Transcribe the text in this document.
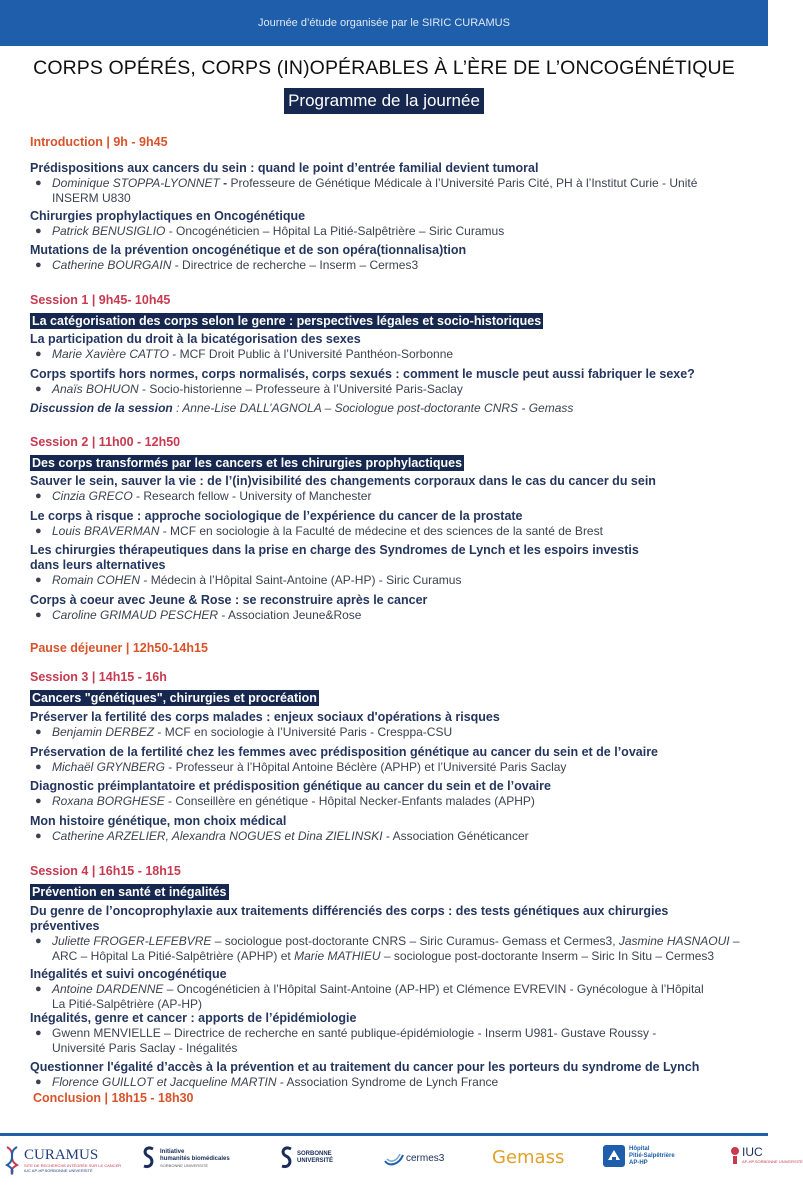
Journée d’étude organisée par le SIRIC CURAMUS
CORPS OPÉRÉS, CORPS (IN)OPÉRABLES À L’ÈRE DE L’ONCOGÉNÉTIQUE
Programme de la journée
Introduction | 9h - 9h45
Prédispositions aux cancers du sein : quand le point d’entrée familial devient tumoral
● Dominique STOPPA-LYONNET - Professeure de Génétique Médicale à l’Université Paris Cité, PH à l’Institut Curie - Unité
INSERM U830
Chirurgies prophylactiques en Oncogénétique
● Patrick BENUSIGLIO - Oncogénéticien – Hôpital La Pitié-Salpêtrière – Siric Curamus
Mutations de la prévention oncogénétique et de son opéra(tionnalisa)tion
● Catherine BOURGAIN - Directrice de recherche – Inserm – Cermes3
Session 1 | 9h45- 10h45
La catégorisation des corps selon le genre : perspectives légales et socio-historiques
La participation du droit à la bicatégorisation des sexes
● Marie Xavière CATTO - MCF Droit Public à l’Université Panthéon-Sorbonne
Corps sportifs hors normes, corps normalisés, corps sexués : comment le muscle peut aussi fabriquer le sexe?
● Anaïs BOHUON - Socio-historienne – Professeure à l’Université Paris-Saclay
Discussion de la session : Anne-Lise DALL’AGNOLA – Sociologue post-doctorante CNRS - Gemass
Session 2 | 11h00 - 12h50
Des corps transformés par les cancers et les chirurgies prophylactiques
Sauver le sein, sauver la vie : de l’(in)visibilité des changements corporaux dans le cas du cancer du sein
● Cinzia GRECO - Research fellow - University of Manchester
Le corps à risque : approche sociologique de l’expérience du cancer de la prostate
● Louis BRAVERMAN - MCF en sociologie à la Faculté de médecine et des sciences de la santé de Brest
Les chirurgies thérapeutiques dans la prise en charge des Syndromes de Lynch et les espoirs investis
dans leurs alternatives
● Romain COHEN - Médecin à l’Hôpital Saint-Antoine (AP-HP) - Siric Curamus
Corps à coeur avec Jeune & Rose : se reconstruire après le cancer
● Caroline GRIMAUD PESCHER - Association Jeune&Rose
Pause déjeuner | 12h50-14h15
Session 3 | 14h15 - 16h
Cancers "génétiques", chirurgies et procréation
Préserver la fertilité des corps malades : enjeux sociaux d'opérations à risques
● Benjamin DERBEZ - MCF en sociologie à l’Université Paris - Cresppa-CSU
Préservation de la fertilité chez les femmes avec prédisposition génétique au cancer du sein et de l’ovaire
● Michaël GRYNBERG - Professeur à l’Hôpital Antoine Béclère (APHP) et l’Université Paris Saclay
Diagnostic préimplantatoire et prédisposition génétique au cancer du sein et de l’ovaire
● Roxana BORGHESE - Conseillère en génétique - Hôpital Necker-Enfants malades (APHP)
Mon histoire génétique, mon choix médical
● Catherine ARZELIER, Alexandra NOGUES et Dina ZIELINSKI - Association Généticancer
Session 4 | 16h15 - 18h15
Prévention en santé et inégalités
Du genre de l’oncoprophylaxie aux traitements différenciés des corps : des tests génétiques aux chirurgies
préventives
● Juliette FROGER-LEFEBVRE – sociologue post-doctorante CNRS – Siric Curamus- Gemass et Cermes3, Jasmine HASNAOUI –
ARC – Hôpital La Pitié-Salpêtrière (APHP) et Marie MATHIEU – sociologue post-doctorante Inserm – Siric In Situ – Cermes3
Inégalités et suivi oncogénétique
● Antoine DARDENNE – Oncogénéticien à l’Hôpital Saint-Antoine (AP-HP) et Clémence EVREVIN - Gynécologue à l’Hôpital
La Pitié-Salpêtrière (AP-HP)
Inégalités, genre et cancer : apports de l’épidémiologie
● Gwenn MENVIELLE – Directrice de recherche en santé publique-épidémiologie - Inserm U981- Gustave Roussy -
Université Paris Saclay - Inégalités
Questionner l'égalité d’accès à la prévention et au traitement du cancer pour les porteurs du syndrome de Lynch
● Florence GUILLOT et Jacqueline MARTIN - Association Syndrome de Lynch France
Conclusion | 18h15 - 18h30
CURAMUS
SITE DE RECHERCHE INTÉGRÉE SUR LE CANCER
IUC AP-HP.SORBONNE UNIVERSITÉ
Initiative
humanités biomédicales
SORBONNE UNIVERSITÉ
SORBONNE
UNIVERSITÉ	cermes3	Gemass	Hôpital
Pitié-Salpêtrière
AP-HP
IUC
AP-HP.SORBONNE UNIVERSITÉ
